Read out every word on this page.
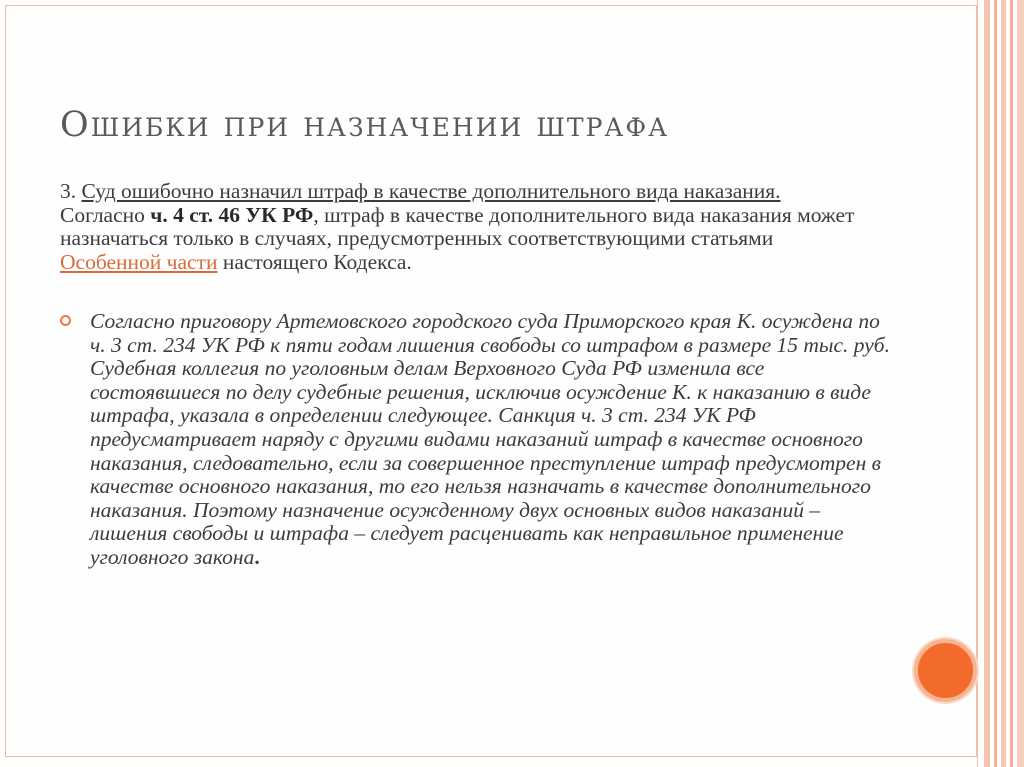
Ошибки при назначении штрафа

3. Суд ошибочно назначил штраф в качестве дополнительного вида наказания. Согласно ч. 4 ст. 46 УК РФ, штраф в качестве дополнительного вида наказания может назначаться только в случаях, предусмотренных соответствующими статьями Особенной части настоящего Кодекса.

Согласно приговору Артемовского городского суда Приморского края К. осуждена по ч. 3 ст. 234 УК РФ к пяти годам лишения свободы со штрафом в размере 15 тыс. руб. Судебная коллегия по уголовным делам Верховного Суда РФ изменила все состоявшиеся по делу судебные решения, исключив осуждение К. к наказанию в виде штрафа, указала в определении следующее. Санкция ч. 3 ст. 234 УК РФ предусматривает наряду с другими видами наказаний штраф в качестве основного наказания, следовательно, если за совершенное преступление штраф предусмотрен в качестве основного наказания, то его нельзя назначать в качестве дополнительного наказания. Поэтому назначение осужденному двух основных видов наказаний – лишения свободы и штрафа – следует расценивать как неправильное применение уголовного закона.
